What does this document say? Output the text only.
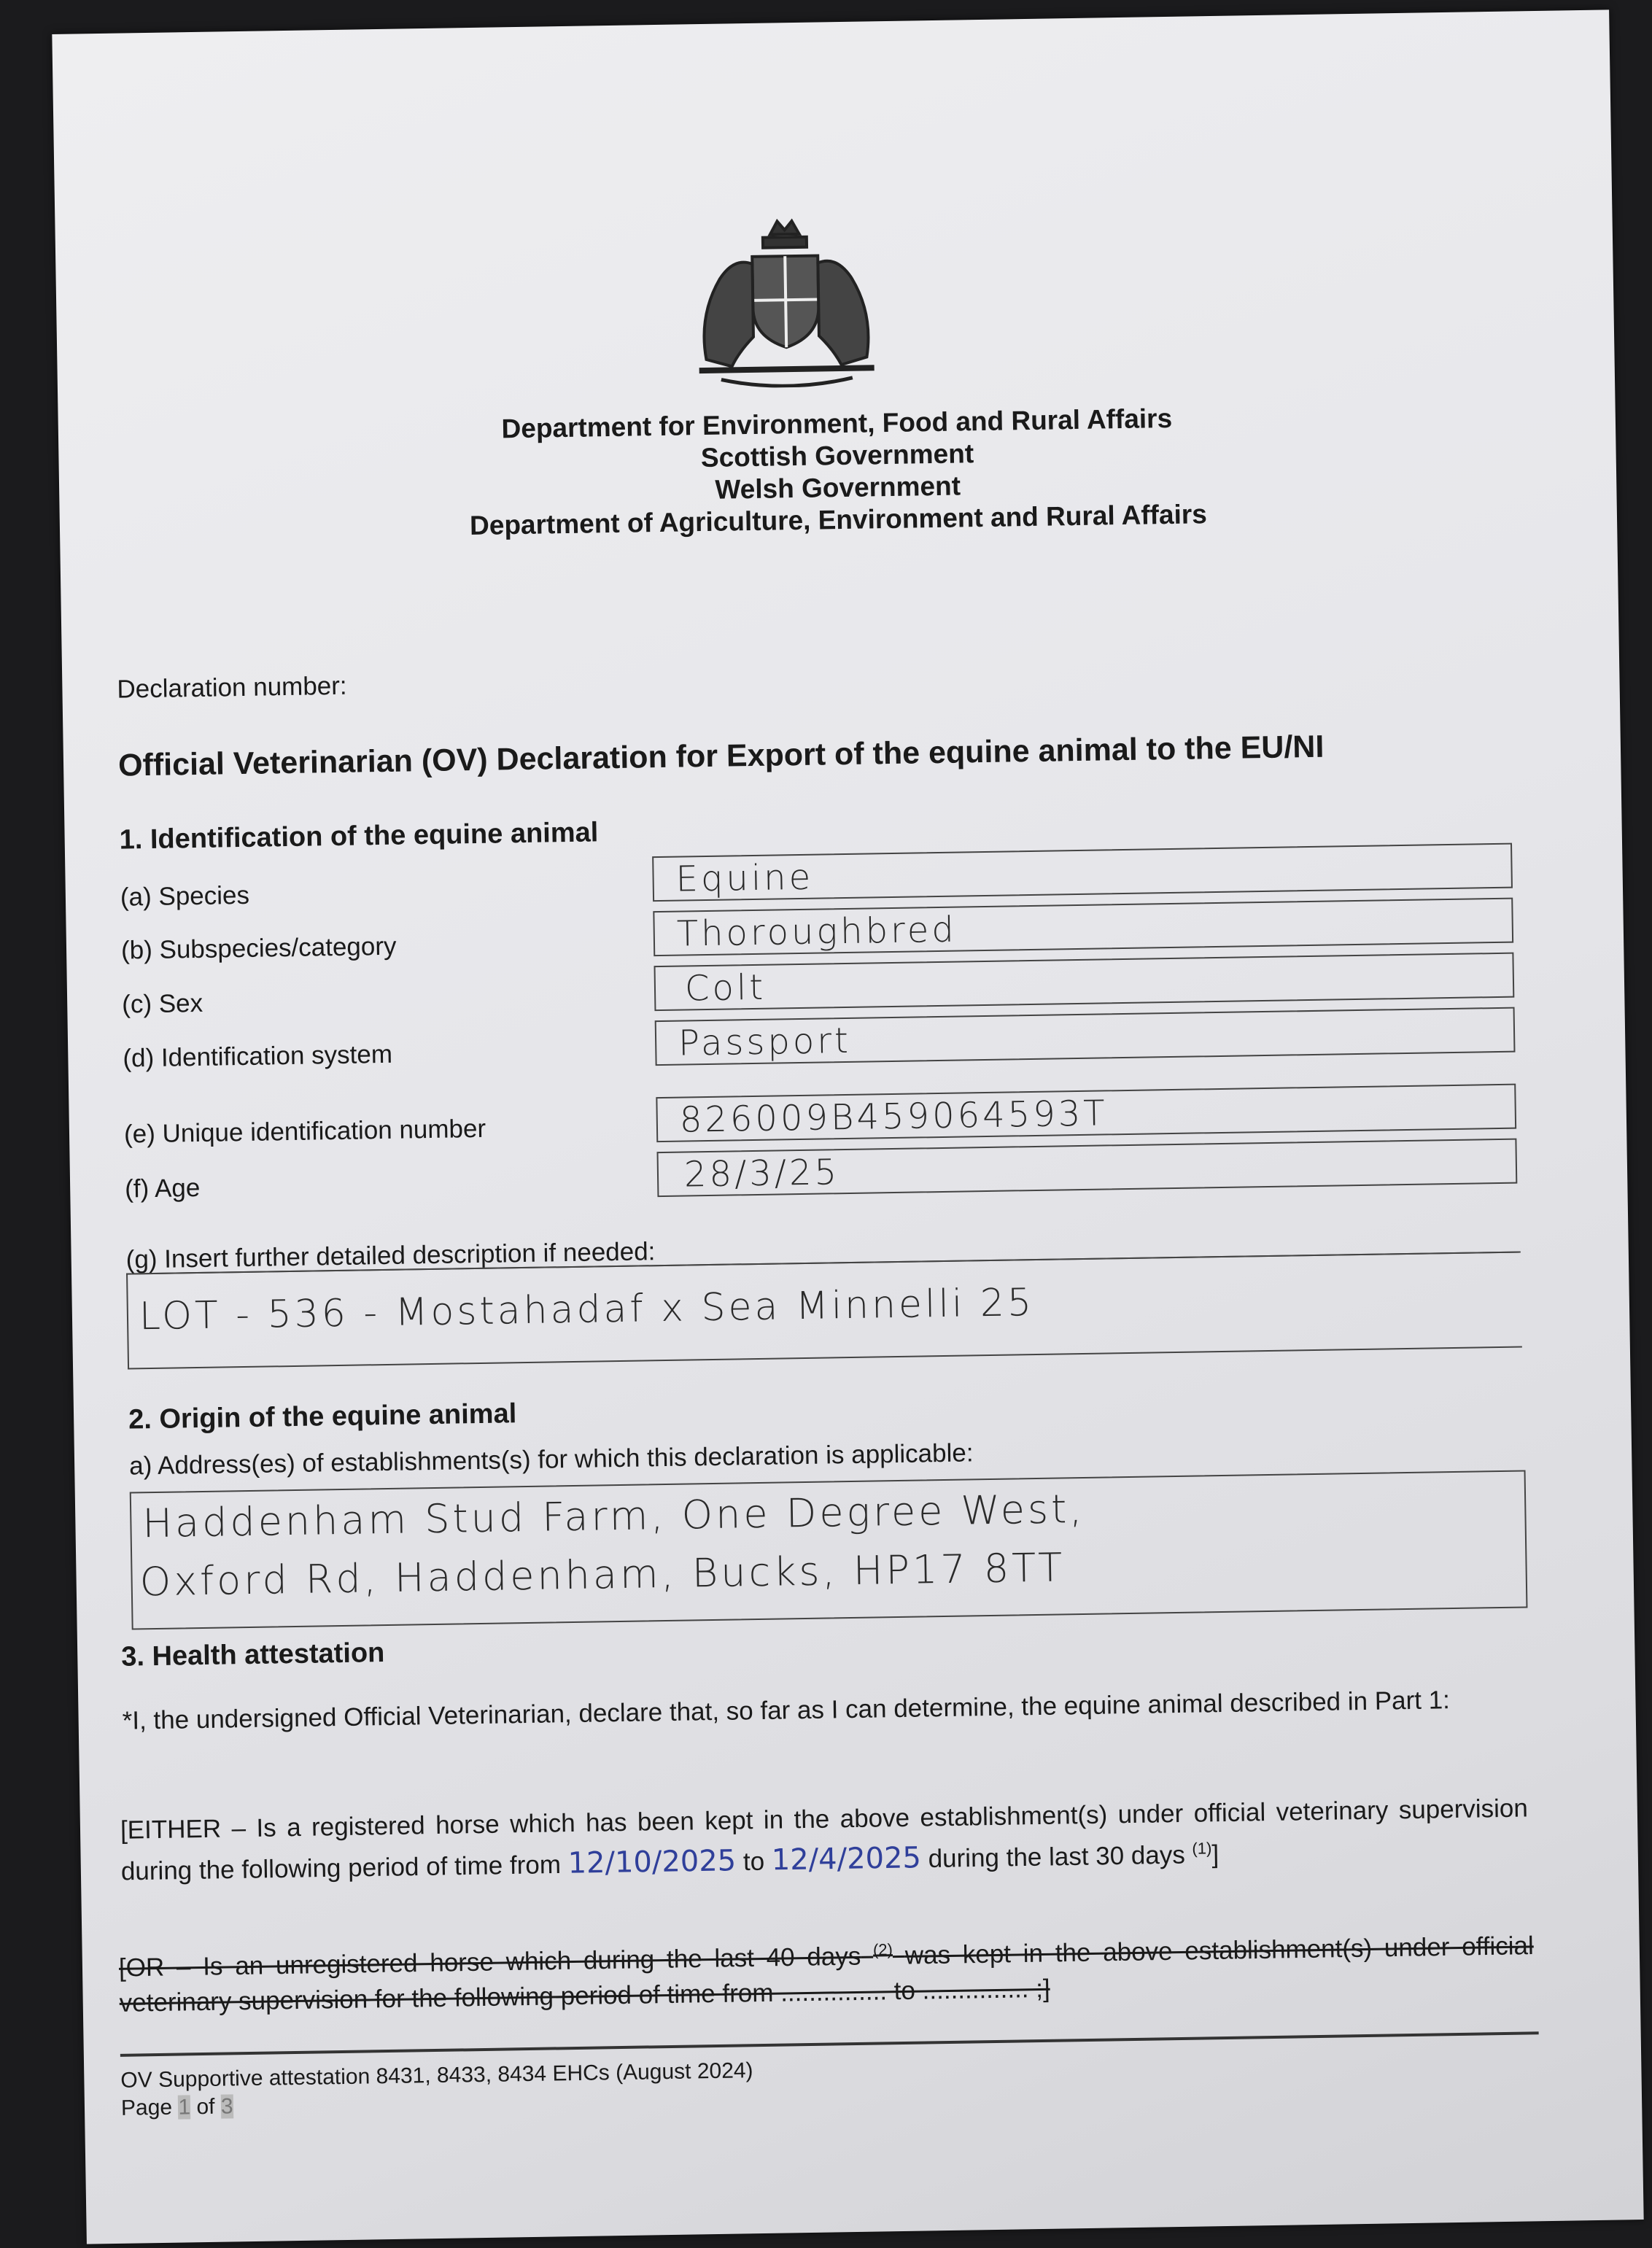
Department for Environment, Food and Rural Affairs
Scottish Government
Welsh Government
Department of Agriculture, Environment and Rural Affairs
Declaration number:
Official Veterinarian (OV) Declaration for Export of the equine animal to the EU/NI
1. Identification of the equine animal
(a) Species	Equine
(b) Subspecies/category	Thoroughbred
(c) Sex	Colt
(d) Identification system	Passport
(e) Unique identification number	826009B459064593T
(f) Age	28/3/25
(g) Insert further detailed description if needed:
LOT - 536 - Mostahadaf x Sea Minnelli 25
2. Origin of the equine animal
a) Address(es) of establishments(s) for which this declaration is applicable:
Haddenham Stud Farm, One Degree West,
Oxford Rd, Haddenham, Bucks, HP17 8TT
3. Health attestation
*I, the undersigned Official Veterinarian, declare that, so far as I can determine, the equine animal described in Part 1:
[EITHER – Is a registered horse which has been kept in the above establishment(s) under official veterinary supervision during the following period of time from 12/10/2025 to 12/4/2025 during the last 30 days $^{(1)}$]
[OR – Is an unregistered horse which during the last 40 days $^{(2)}$ was kept in the above establishment(s) under official veterinary supervision for the following period of time from ............... to ............... ;]
OV Supportive attestation 8431, 8433, 8434 EHCs (August 2024)
Page 1 of 3
